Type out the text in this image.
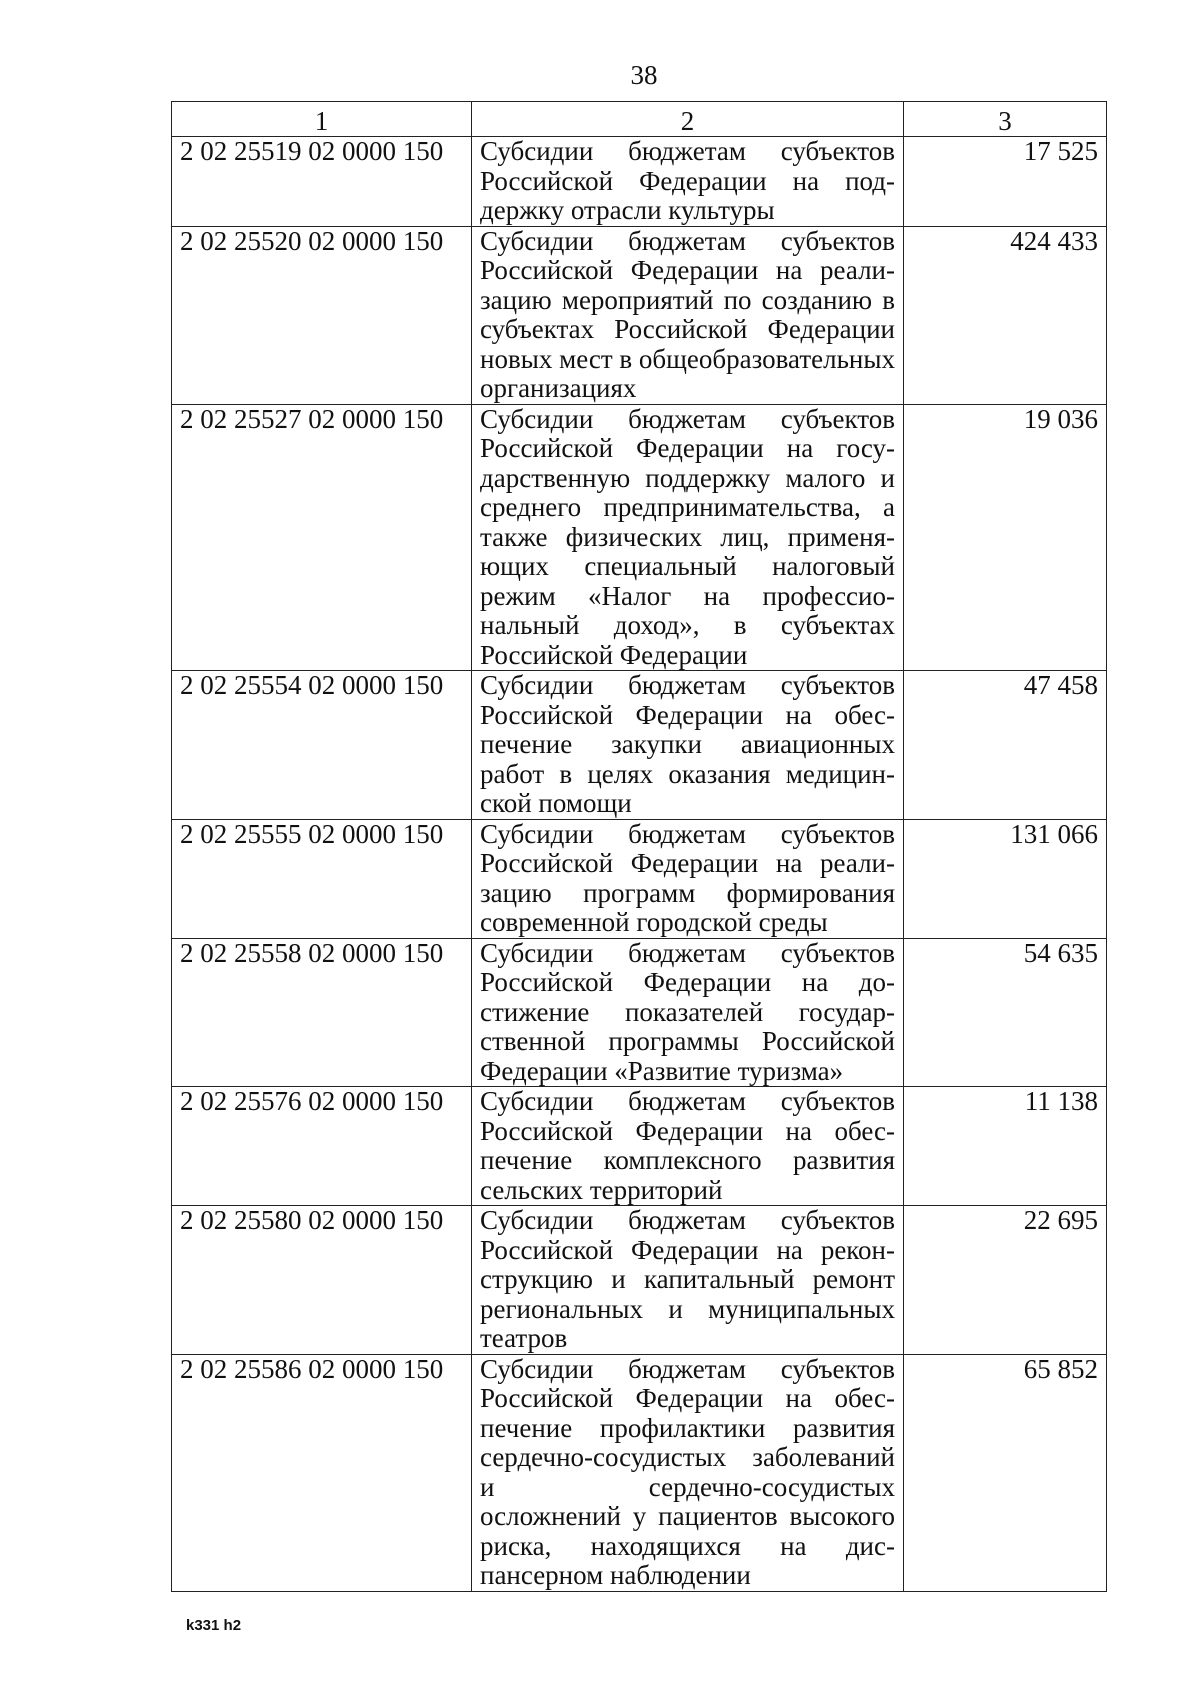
38
1	2	3
2 02 25519 02 0000 150	Субсидии бюджетам субъектов Российской Федерации на поддержку отрасли культуры	17 525
2 02 25520 02 0000 150	Субсидии бюджетам субъектов Российской Федерации на реализацию мероприятий по созданию в субъектах Российской Федерации новых мест в общеобразовательных организациях	424 433
2 02 25527 02 0000 150	Субсидии бюджетам субъектов Российской Федерации на государственную поддержку малого и среднего предпринимательства, а также физических лиц, применяющих специальный налоговый режим «Налог на профессиональный доход», в субъектах Российской Федерации	19 036
2 02 25554 02 0000 150	Субсидии бюджетам субъектов Российской Федерации на обеспечение закупки авиационных работ в целях оказания медицинской помощи	47 458
2 02 25555 02 0000 150	Субсидии бюджетам субъектов Российской Федерации на реализацию программ формирования современной городской среды	131 066
2 02 25558 02 0000 150	Субсидии бюджетам субъектов Российской Федерации на достижение показателей государственной программы Российской Федерации «Развитие туризма»	54 635
2 02 25576 02 0000 150	Субсидии бюджетам субъектов Российской Федерации на обеспечение комплексного развития сельских территорий	11 138
2 02 25580 02 0000 150	Субсидии бюджетам субъектов Российской Федерации на реконструкцию и капитальный ремонт региональных и муниципальных театров	22 695
2 02 25586 02 0000 150	Субсидии бюджетам субъектов Российской Федерации на обеспечение профилактики развития сердечно-сосудистых заболеваний и сердечно-сосудистых осложнений у пациентов высокого риска, находящихся на диспансерном наблюдении	65 852
k331 h2
